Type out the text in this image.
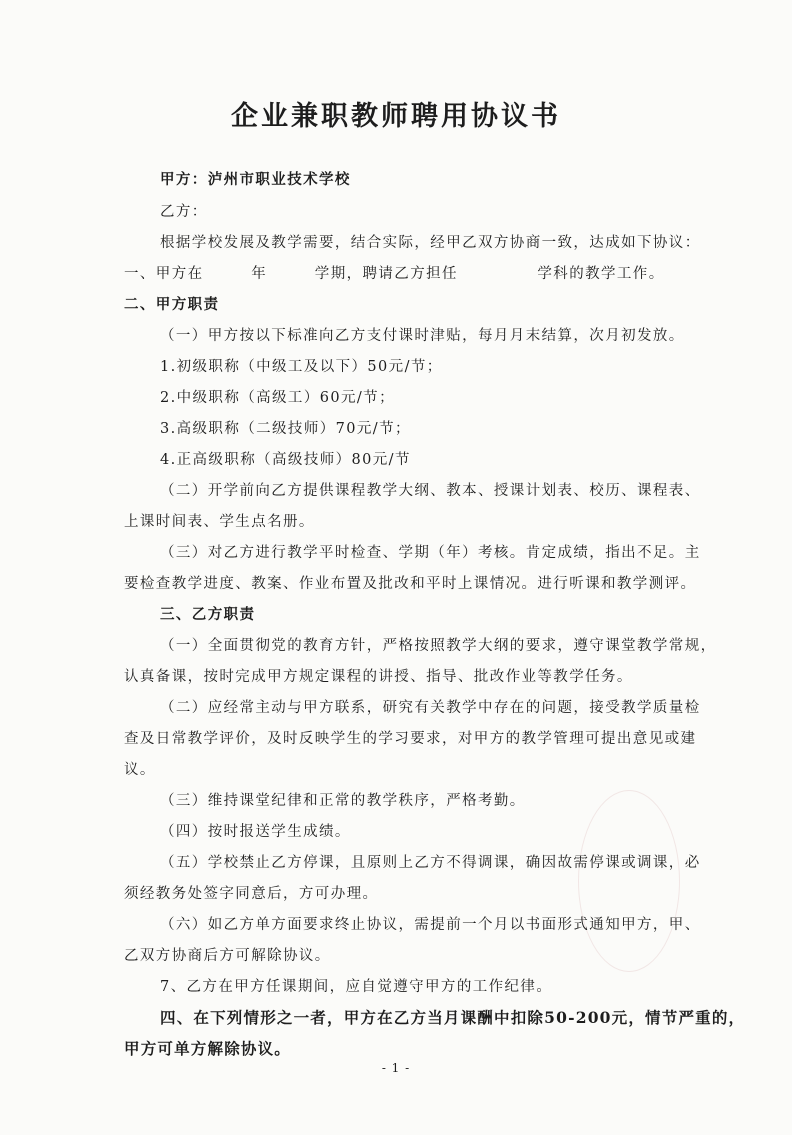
企业兼职教师聘用协议书
甲方：泸州市职业技术学校
乙方：
根据学校发展及教学需要，结合实际，经甲乙双方协商一致，达成如下协议：
一、甲方在　　　年　　　学期，聘请乙方担任　　　　　学科的教学工作。
二、甲方职责
（一）甲方按以下标准向乙方支付课时津贴，每月月末结算，次月初发放。
1.初级职称（中级工及以下）50元/节；
2.中级职称（高级工）60元/节；
3.高级职称（二级技师）70元/节；
4.正高级职称（高级技师）80元/节
（二）开学前向乙方提供课程教学大纲、教本、授课计划表、校历、课程表、
上课时间表、学生点名册。
（三）对乙方进行教学平时检查、学期（年）考核。肯定成绩，指出不足。主
要检查教学进度、教案、作业布置及批改和平时上课情况。进行听课和教学测评。
三、乙方职责
（一）全面贯彻党的教育方针，严格按照教学大纲的要求，遵守课堂教学常规，
认真备课，按时完成甲方规定课程的讲授、指导、批改作业等教学任务。
（二）应经常主动与甲方联系，研究有关教学中存在的问题，接受教学质量检
查及日常教学评价，及时反映学生的学习要求，对甲方的教学管理可提出意见或建
议。
（三）维持课堂纪律和正常的教学秩序，严格考勤。
（四）按时报送学生成绩。
（五）学校禁止乙方停课，且原则上乙方不得调课，确因故需停课或调课，必
须经教务处签字同意后，方可办理。
（六）如乙方单方面要求终止协议，需提前一个月以书面形式通知甲方，甲、
乙双方协商后方可解除协议。
7、乙方在甲方任课期间，应自觉遵守甲方的工作纪律。
四、在下列情形之一者，甲方在乙方当月课酬中扣除50-200元，情节严重的，
甲方可单方解除协议。
- 1 -
